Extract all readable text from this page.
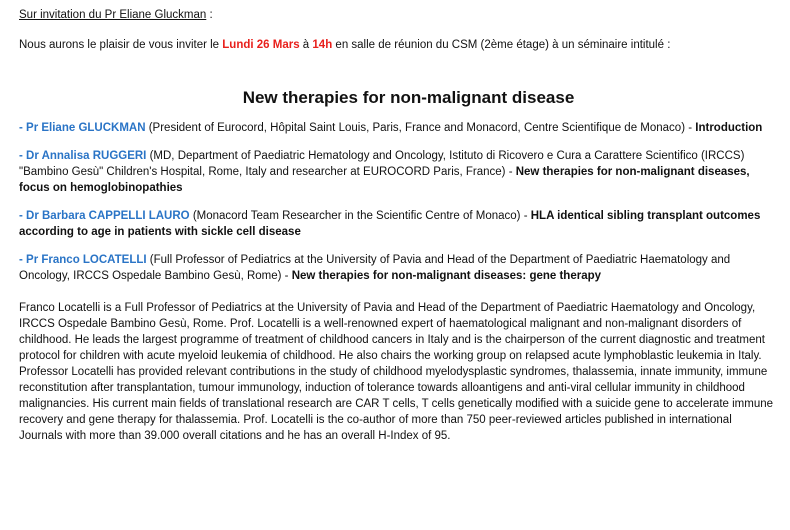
Sur invitation du Pr Eliane Gluckman :

Nous aurons le plaisir de vous inviter le Lundi 26 Mars à 14h en salle de réunion du CSM (2ème étage) à un séminaire intitulé :

New therapies for non-malignant disease

- Pr Eliane GLUCKMAN (President of Eurocord, Hôpital Saint Louis, Paris, France and Monacord, Centre Scientifique de Monaco) - Introduction

- Dr Annalisa RUGGERI (MD, Department of Paediatric Hematology and Oncology, Istituto di Ricovero e Cura a Carattere Scientifico (IRCCS) "Bambino Gesù" Children's Hospital, Rome, Italy and researcher at EUROCORD Paris, France) - New therapies for non-malignant diseases, focus on hemoglobinopathies

- Dr Barbara CAPPELLI LAURO (Monacord Team Researcher in the Scientific Centre of Monaco) - HLA identical sibling transplant outcomes according to age in patients with sickle cell disease

- Pr Franco LOCATELLI (Full Professor of Pediatrics at the University of Pavia and Head of the Department of Paediatric Haematology and Oncology, IRCCS Ospedale Bambino Gesù, Rome) - New therapies for non-malignant diseases: gene therapy

Franco Locatelli is a Full Professor of Pediatrics at the University of Pavia and Head of the Department of Paediatric Haematology and Oncology, IRCCS Ospedale Bambino Gesù, Rome. Prof. Locatelli is a well-renowned expert of haematological malignant and non-malignant disorders of childhood. He leads the largest programme of treatment of childhood cancers in Italy and is the chairperson of the current diagnostic and treatment protocol for children with acute myeloid leukemia of childhood. He also chairs the working group on relapsed acute lymphoblastic leukemia in Italy. Professor Locatelli has provided relevant contributions in the study of childhood myelodysplastic syndromes, thalassemia, innate immunity, immune reconstitution after transplantation, tumour immunology, induction of tolerance towards alloantigens and anti-viral cellular immunity in childhood malignancies. His current main fields of translational research are CAR T cells, T cells genetically modified with a suicide gene to accelerate immune recovery and gene therapy for thalassemia. Prof. Locatelli is the co-author of more than 750 peer-reviewed articles published in international Journals with more than 39.000 overall citations and he has an overall H-Index of 95.
